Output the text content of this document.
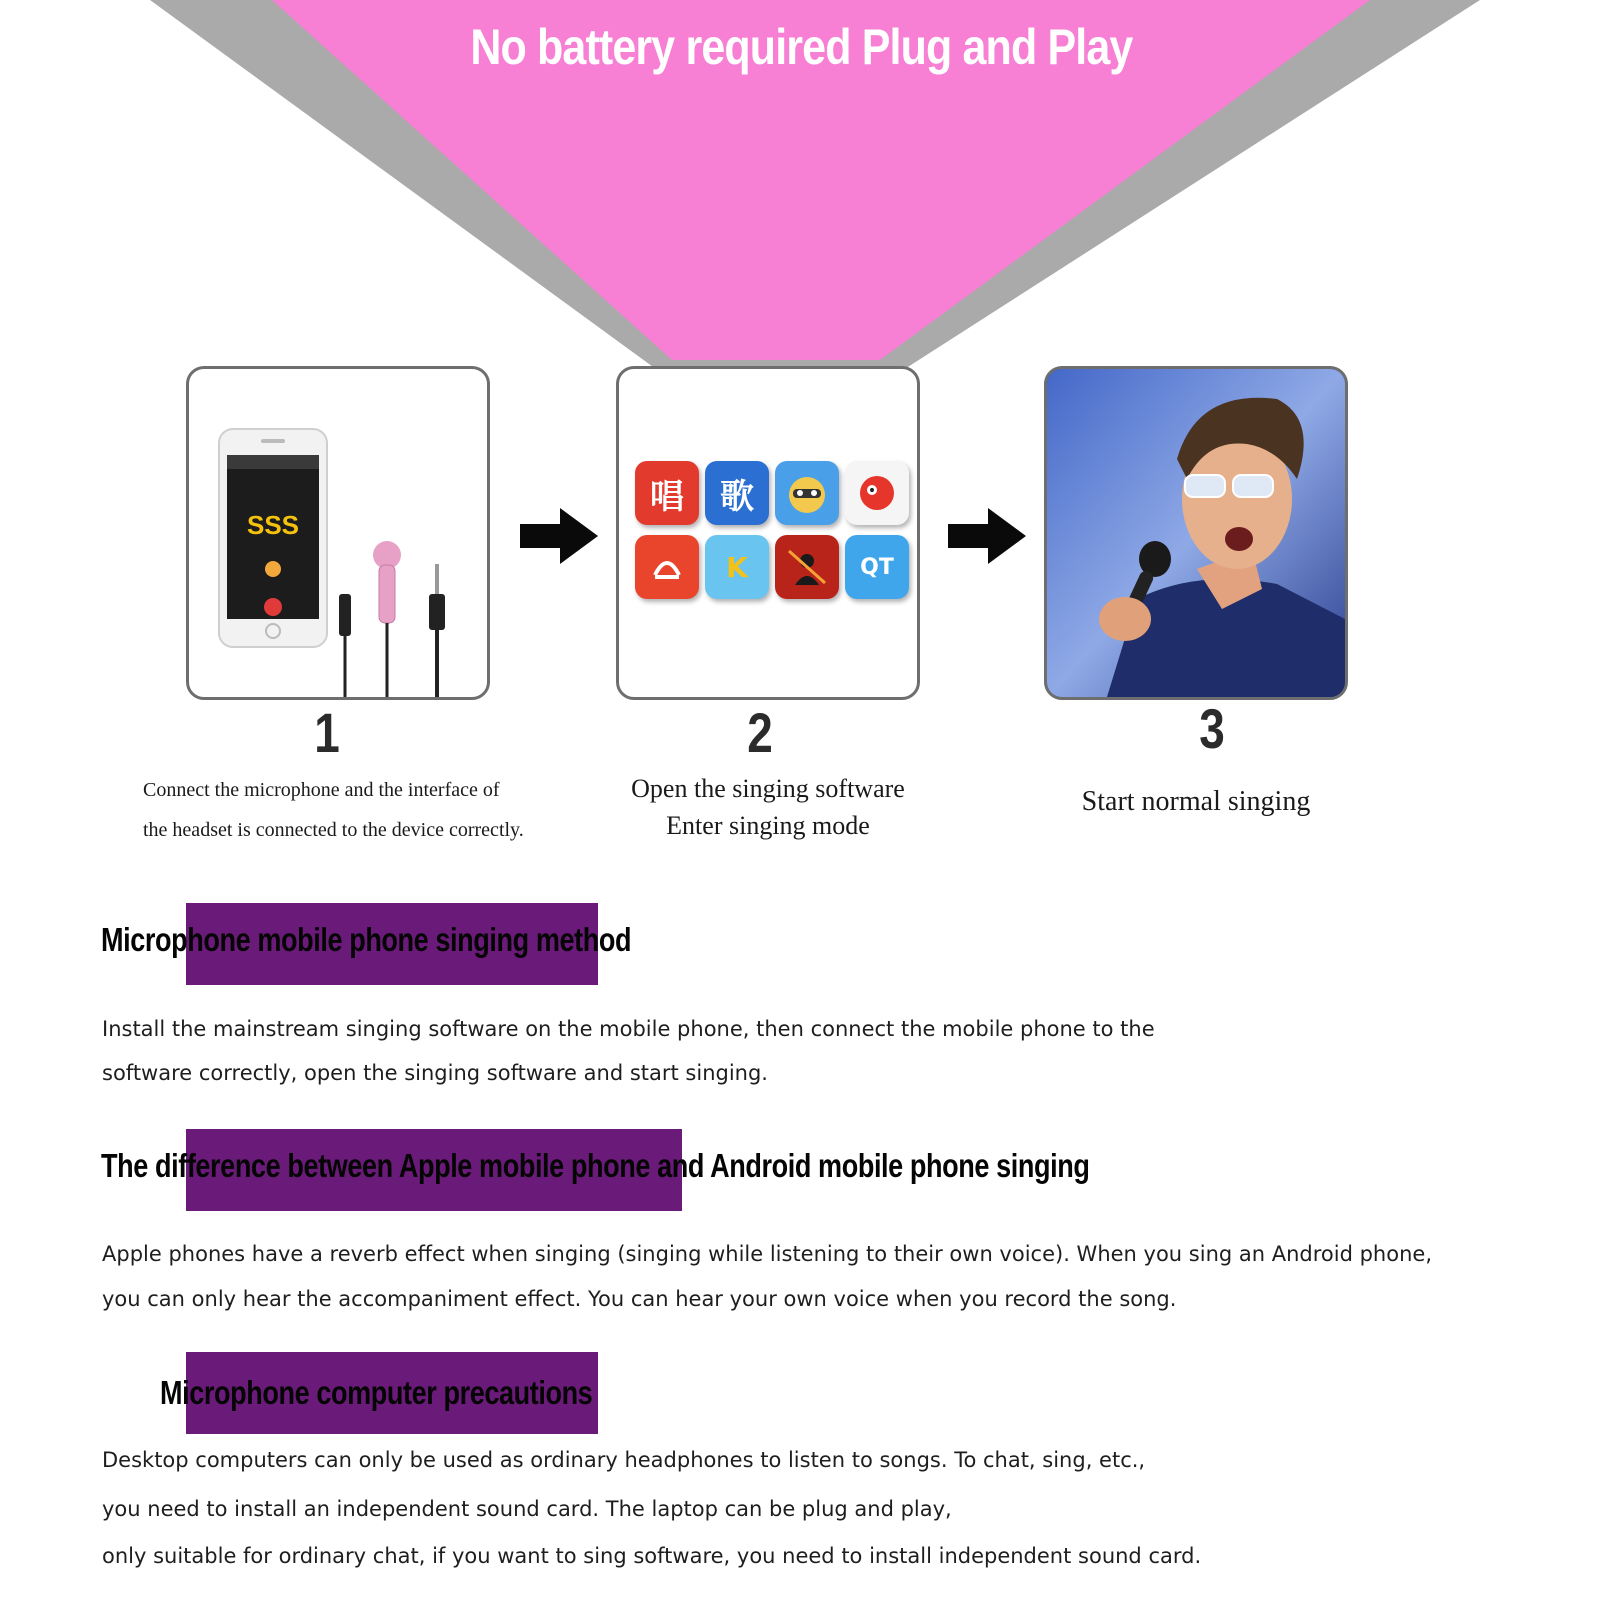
No battery required Plug and Play
SSS
唱	歌
K	QT
1	2	3
Connect the microphone and the interface of
the headset is connected to the device correctly.
Open the singing software
Enter singing mode
Start normal singing
Microphone mobile phone singing method
Install the mainstream singing software on the mobile phone, then connect the mobile phone to the
software correctly, open the singing software and start singing.
The difference between Apple mobile phone and Android mobile phone singing
Apple phones have a reverb effect when singing (singing while listening to their own voice). When you sing an Android phone,
you can only hear the accompaniment effect. You can hear your own voice when you record the song.
Microphone computer precautions
Desktop computers can only be used as ordinary headphones to listen to songs. To chat, sing, etc.,
you need to install an independent sound card. The laptop can be plug and play,
only suitable for ordinary chat, if you want to sing software, you need to install independent sound card.
